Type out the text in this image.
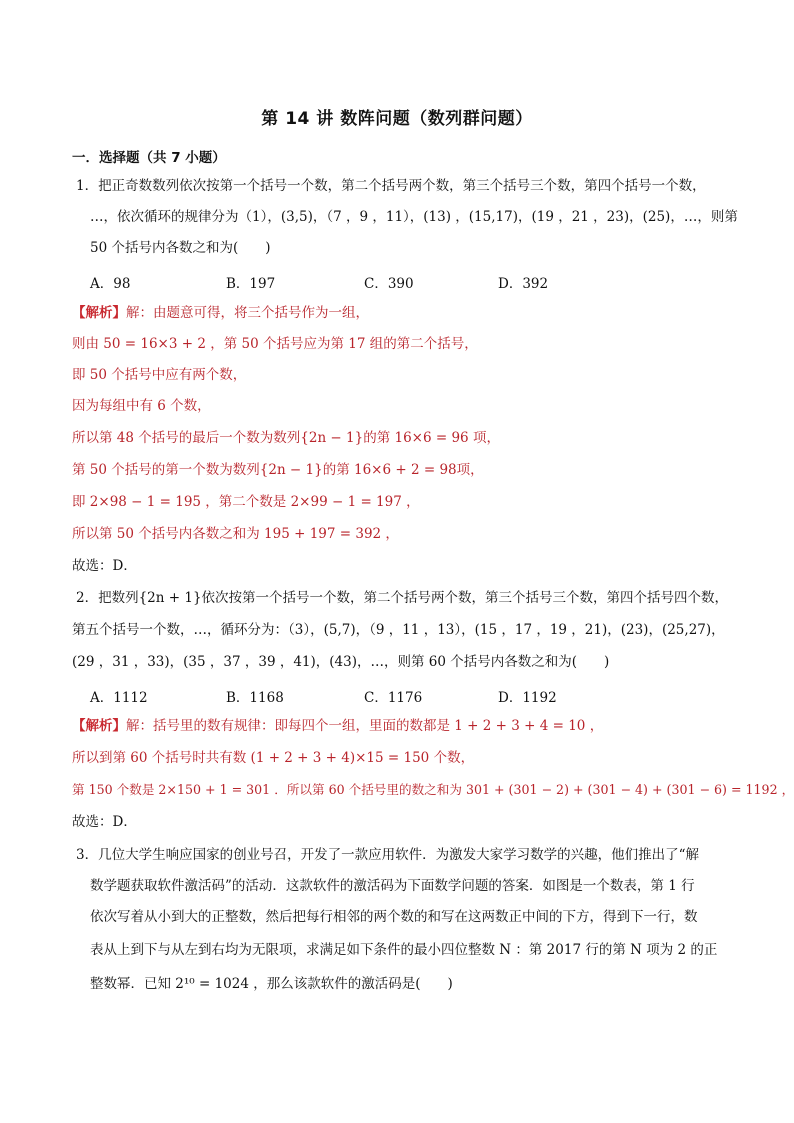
第 14 讲 数阵问题（数列群问题）
一．选择题（共 7 小题）
1．把正奇数数列依次按第一个括号一个数，第二个括号两个数，第三个括号三个数，第四个括号一个数，
…，依次循环的规律分为（1），(3,5)，（7 ，9 ，11），(13) ，(15,17)，(19 ，21 ，23)，(25)，…，则第
50 个括号内各数之和为(　　)
A．98	B．197	C．390	D．392
【解析】解：由题意可得，将三个括号作为一组，
则由 50 = 16×3 + 2 ，第 50 个括号应为第 17 组的第二个括号，
即 50 个括号中应有两个数，
因为每组中有 6 个数，
所以第 48 个括号的最后一个数为数列{2n − 1}的第 16×6 = 96 项，
第 50 个括号的第一个数为数列{2n − 1}的第 16×6 + 2 = 98项，
即 2×98 − 1 = 195 ，第二个数是 2×99 − 1 = 197 ，
所以第 50 个括号内各数之和为 195 + 197 = 392 ，
故选：D．
2．把数列{2n + 1}依次按第一个括号一个数，第二个括号两个数，第三个括号三个数，第四个括号四个数，
第五个括号一个数，…，循环分为：（3），(5,7)，（9 ，11 ，13），(15 ，17 ，19 ，21)，(23)，(25,27)，
(29 ，31 ，33)，(35 ，37 ，39 ，41)，(43)，…，则第 60 个括号内各数之和为(　　)
A．1112	B．1168	C．1176	D．1192
【解析】解：括号里的数有规律：即每四个一组，里面的数都是 1 + 2 + 3 + 4 = 10 ，
所以到第 60 个括号时共有数 (1 + 2 + 3 + 4)×15 = 150 个数，
第 150 个数是 2×150 + 1 = 301 ．所以第 60 个括号里的数之和为 301 + (301 − 2) + (301 − 4) + (301 − 6) = 1192 ，
故选：D．
3．几位大学生响应国家的创业号召，开发了一款应用软件．为激发大家学习数学的兴趣，他们推出了“解
数学题获取软件激活码”的活动．这款软件的激活码为下面数学问题的答案．如图是一个数表，第 1 行
依次写着从小到大的正整数，然后把每行相邻的两个数的和写在这两数正中间的下方，得到下一行，数
表从上到下与从左到右均为无限项，求满足如下条件的最小四位整数 N ：第 2017 行的第 N 项为 2 的正
整数幂．已知 2¹⁰ = 1024 ，那么该款软件的激活码是(　　)
